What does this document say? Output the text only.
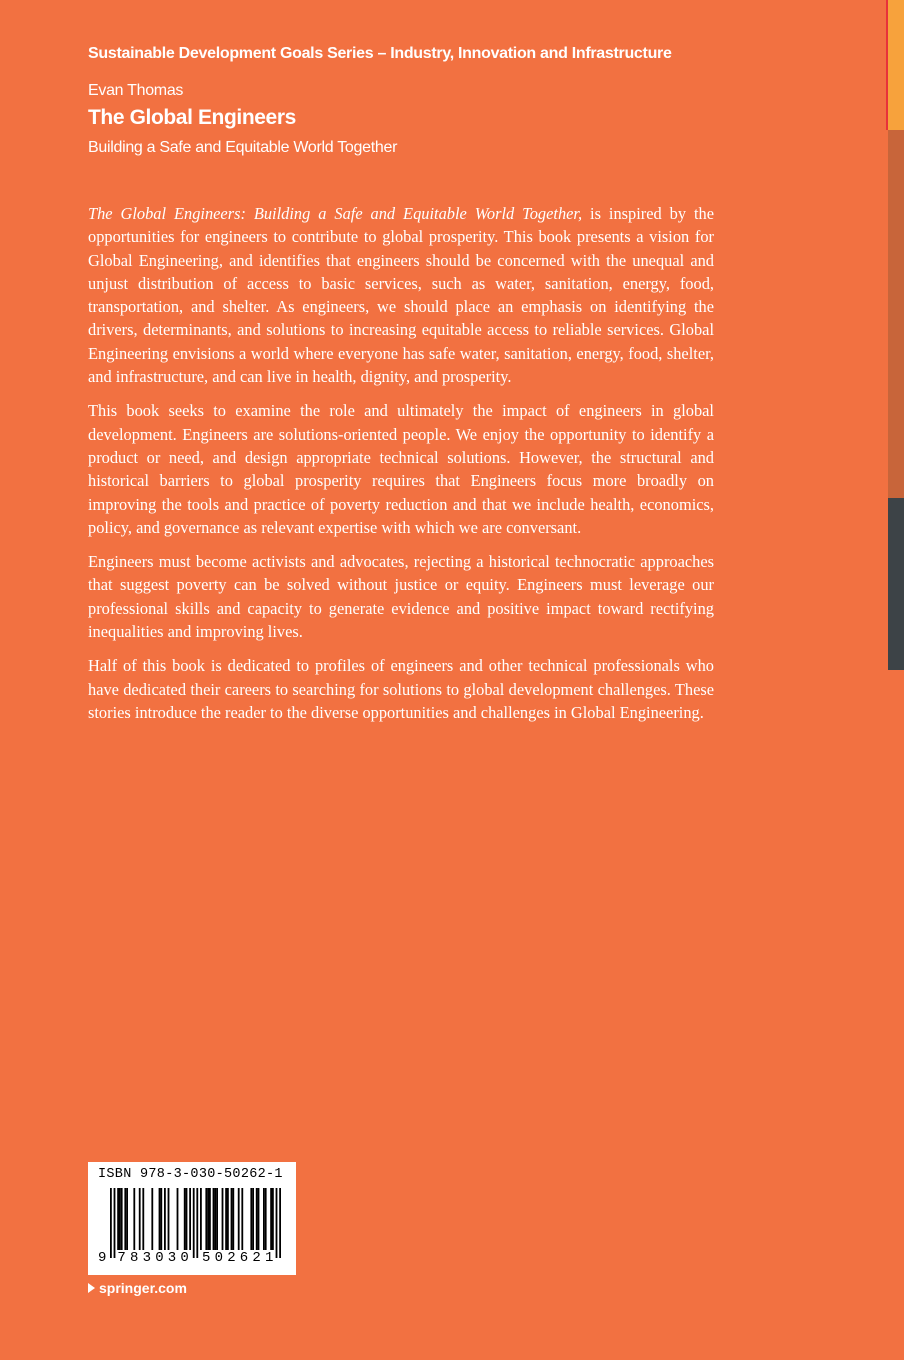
Sustainable Development Goals Series – Industry, Innovation and Infrastructure
Evan Thomas
The Global Engineers
Building a Safe and Equitable World Together

The Global Engineers: Building a Safe and Equitable World Together, is inspired by the opportunities for engineers to contribute to global prosperity. This book presents a vision for Global Engineering, and identifies that engineers should be concerned with the unequal and unjust distribution of access to basic services, such as water, sanitation, energy, food, transportation, and shelter. As engineers, we should place an emphasis on identifying the drivers, determinants, and solutions to increasing equitable access to reliable services. Global Engineering envisions a world where everyone has safe water, sanitation, energy, food, shelter, and infrastructure, and can live in health, dignity, and prosperity.

This book seeks to examine the role and ultimately the impact of engineers in global development. Engineers are solutions-oriented people. We enjoy the opportunity to identify a product or need, and design appropriate technical solutions. However, the structural and historical barriers to global prosperity requires that Engineers focus more broadly on improving the tools and practice of poverty reduction and that we include health, economics, policy, and governance as relevant expertise with which we are conversant.

Engineers must become activists and advocates, rejecting a historical technocratic approaches that suggest poverty can be solved without justice or equity. Engineers must leverage our professional skills and capacity to generate evidence and positive impact toward rectifying inequalities and improving lives.

Half of this book is dedicated to profiles of engineers and other technical professionals who have dedicated their careers to searching for solutions to global development challenges. These stories introduce the reader to the diverse opportunities and challenges in Global Engineering.

ISBN 978-3-030-50262-1
9 7 8 3 0 3 0 5 0 2 6 2 1
springer.com
